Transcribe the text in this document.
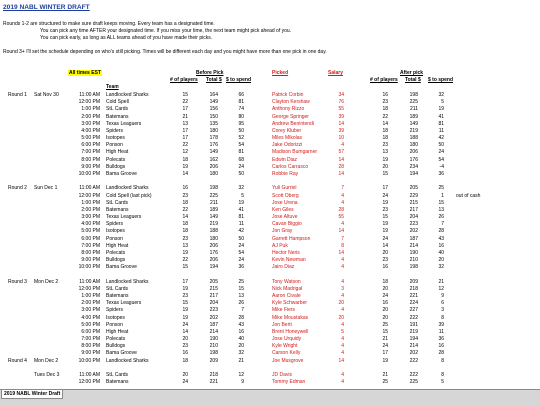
2019 NABL WINTER DRAFT
Rounds 1-2 are structured to make sure draft keeps moving. Every team has a designated time.
You can pick any time AFTER your designated time. If you miss your time, the next team might pick ahead of you.
You can pick early, as long as ALL teams ahead of you have made their picks.
Round 3+ I'll set the schedule depending on who's still picking. Times will be different each day and you might have more than one pick in one day.
All times EST	Before Pick	Picked	Salary	After pick
# of players Total $ $ to spend	# of players Total $ $ to spend
Team
Round 1	Sat Nov 30	11:00 AM Landlocked Sharks	15	164	66	Patrick Corbin	34	16	198	32
12:00 PM Cold Spell	22	149	81	Clayton Kershaw	76	23	225	5
1:00 PM StL Cards	17	156	74	Anthony Rizzo	55	18	211	19
2:00 PM Batemans	21	150	80	George Springer	39	22	189	41
3:00 PM Texas Leaguers	13	135	95	Andrew Benintendi	14	14	149	81
4:00 PM Spiders	17	180	50	Corey Kluber	39	18	219	11
5:00 PM Isotopes	17	178	52	Miles Mikolas	10	18	188	42
6:00 PM Ponson	22	176	54	Jake Odorizzi	4	23	180	50
7:00 PM High Heat	12	149	81	Madison Bumgarner	57	13	206	24
8:00 PM Polecats	18	162	68	Edwin Diaz	14	19	176	54
9:00 PM Bulldogs	19	206	24	Carlos Carrasco	28	20	234	-4
10:00 PM Bama Groove	14	180	50	Robbie Ray	14	15	194	36
Round 2	Sun Dec 1	11:00 AM Landlocked Sharks	16	198	32	Yuli Gurriel	7	17	205	25
12:00 PM Cold Spell (last pick)	23	225	5	Scott Oberg	4	24	229	1 out of cash
1:00 PM StL Cards	18	211	19	Jose Urena	4	19	215	15
2:00 PM Batemans	22	189	41	Ken Giles	28	23	217	13
3:00 PM Texas Leaguers	14	149	81	Jose Altuve	55	15	204	26
4:00 PM Spiders	18	219	11	Cavan Biggio	4	19	223	7
5:00 PM Isotopes	18	188	42	Jon Gray	14	19	202	28
6:00 PM Ponson	23	180	50	Garrett Hampson	7	24	187	43
7:00 PM High Heat	13	206	24	AJ Puk	8	14	214	16
8:00 PM Polecats	19	176	54	Hector Neris	14	20	190	40
9:00 PM Bulldogs	22	206	24	Kevin Newman	4	23	210	20
10:00 PM Bama Groove	15	194	36	Jairo Diaz	4	16	198	32
Round 3	Mon Dec 2	11:00 AM Landlocked Sharks	17	205	25	Tony Watson	4	18	209	21
12:00 PM StL Cards	19	215	15	Nick Madrigal	3	20	218	12
1:00 PM Batemans	23	217	13	Aaron Civale	4	24	221	9
2:00 PM Texas Leaguers	15	204	26	Kyle Schwarber	20	16	224	6
3:00 PM Spiders	19	223	7	Mike Fiers	4	20	227	3
4:00 PM Isotopes	19	202	28	Mike Moustakas	20	20	222	8
5:00 PM Ponson	24	187	43	Jon Berti	4	25	191	39
6:00 PM High Heat	14	214	16	Brent Honeywell	5	15	219	11
7:00 PM Polecats	20	190	40	Jose Urquidy	4	21	194	36
8:00 PM Bulldogs	23	210	20	Kyle Wright	4	24	214	16
9:00 PM Bama Groove	16	198	32	Carson Kelly	4	17	202	28
Round 4	Mon Dec 2	10:00 PM Landlocked Sharks	18	209	21	Joe Musgrove	14	19	222	8
Tues Dec 3	11:00 AM StL Cards	20	218	12	JD Davis	4	21	222	8
12:00 PM Batemans	24	221	9	Tommy Edman	4	25	225	5
2019 NABL Winter Draft
